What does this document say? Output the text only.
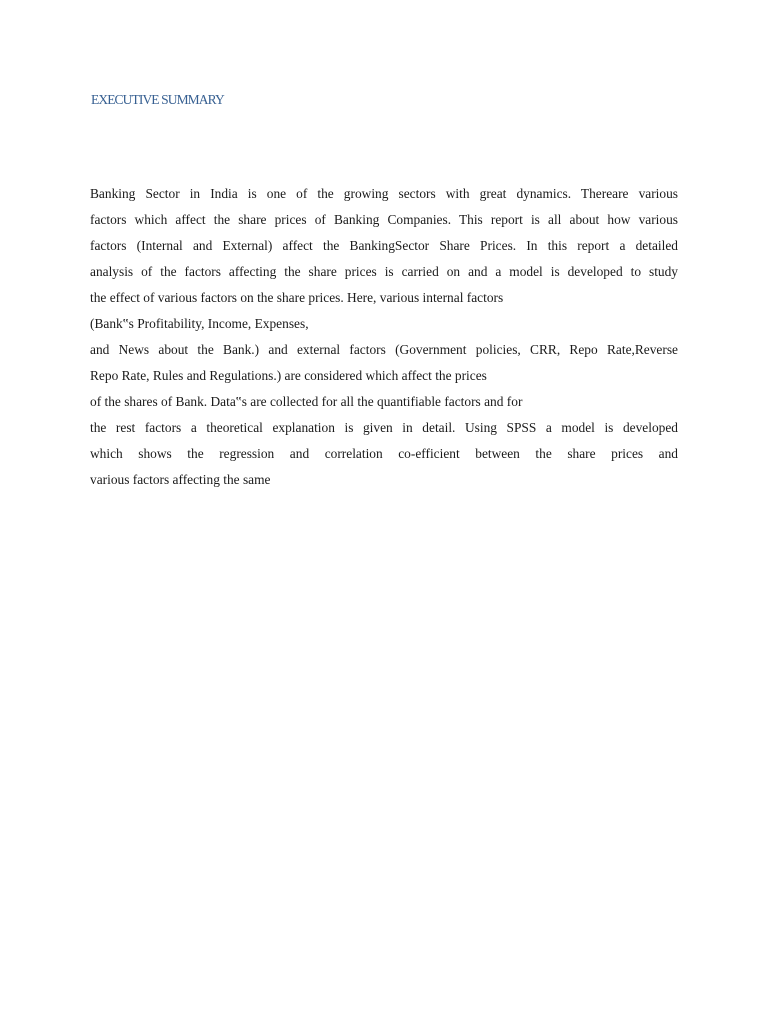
EXECUTIVE SUMMARY
Banking Sector in India is one of the growing sectors with great dynamics. Thereare various
factors which affect the share prices of Banking Companies. This report is all about how various
factors (Internal and External) affect the BankingSector Share Prices. In this report a detailed
analysis of the factors affecting the share prices is carried on and a model is developed to study
the effect of various factors on the share prices. Here, various internal factors
(Bank‟s Profitability, Income, Expenses,
and News about the Bank.) and external factors (Government policies, CRR, Repo Rate,Reverse
Repo Rate, Rules and Regulations.) are considered which affect the prices
of the shares of Bank. Data‟s are collected for all the quantifiable factors and for
the rest factors a theoretical explanation is given in detail. Using SPSS a model is developed
which shows the regression and correlation co-efficient between the share prices and
various factors affecting the same
